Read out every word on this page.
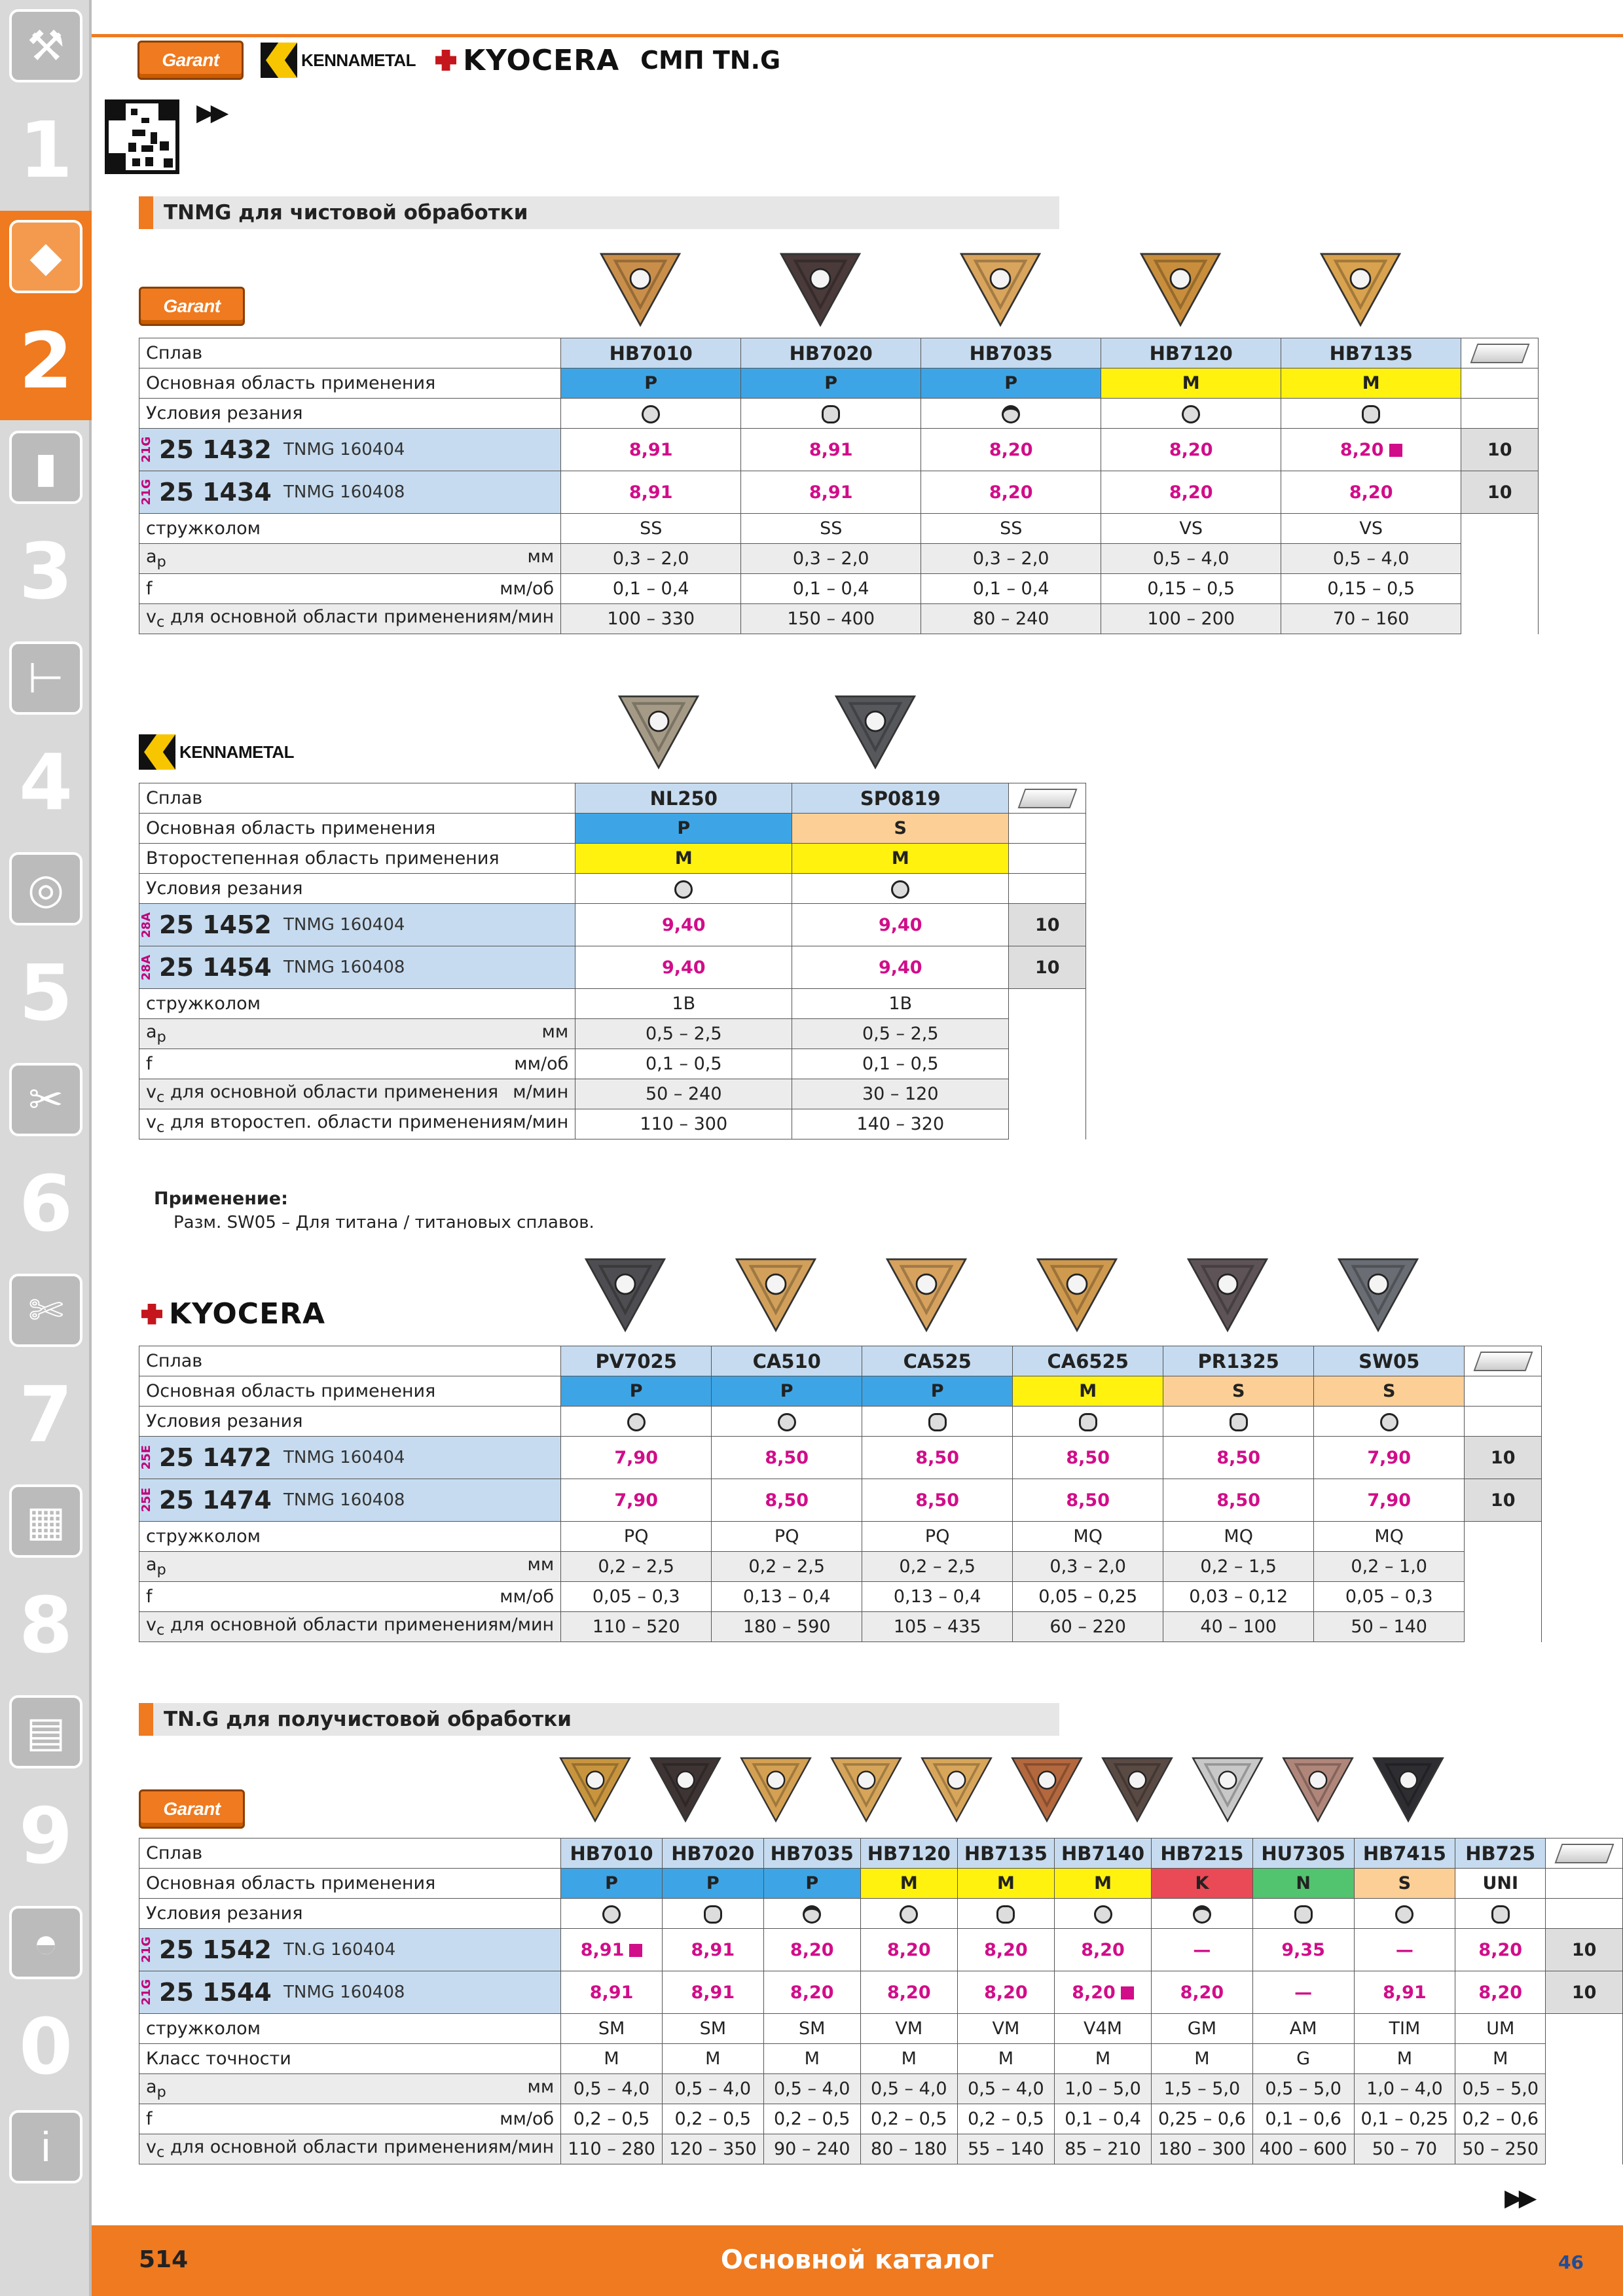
⚒
1
◆
2
▮
3
⊢
4
◎
5
✂
6
✄
7
▦
8
▤
9
◓
0
i
Garant	KENNAMETAL KYOCERA СМП TN.G
▶▶
TNMG для чистовой обработки
TN.G для получистовой обработки
Применение:
Разм. SW05 – Для титана / титановых сплавов.
▶▶
514	Основной каталог	46
Garant
Сплав	HB7010	HB7020	HB7035	HB7120	HB7135	
Основная область применения	P	P	P	M	M	
Условия резания						

21G 25 1432 TNMG 160404	8,91	8,91	8,20	8,20	8,20	10

21G 25 1434 TNMG 160408	8,91	8,91	8,20	8,20	8,20	10
стружколом	SS	SS	SS	VS	VS	

$a_p$ мм	0,3 – 2,0	0,3 – 2,0	0,3 – 2,0	0,5 – 4,0	0,5 – 4,0	

f мм/об	0,1 – 0,4	0,1 – 0,4	0,1 – 0,4	0,15 – 0,5	0,15 – 0,5	

$v_c$ для основной области применения м/мин	100 – 330	150 – 400	80 – 240	100 – 200	70 – 160	
KENNAMETAL
Сплав	NL250	SP0819	
Основная область применения	P	S	
Второстепенная область применения	M	M	
Условия резания			

28A 25 1452 TNMG 160404	9,40	9,40	10

28A 25 1454 TNMG 160408	9,40	9,40	10
стружколом	1B	1B	

$a_p$ мм	0,5 – 2,5	0,5 – 2,5	

f мм/об	0,1 – 0,5	0,1 – 0,5	

$v_c$ для основной области применения м/мин	50 – 240	30 – 120	

$v_c$ для второстеп. области применения м/мин	110 – 300	140 – 320	
KYOCERA
Сплав	PV7025	CA510	CA525	CA6525	PR1325	SW05	
Основная область применения	P	P	P	M	S	S	
Условия резания							

25E 25 1472 TNMG 160404	7,90	8,50	8,50	8,50	8,50	7,90	10

25E 25 1474 TNMG 160408	7,90	8,50	8,50	8,50	8,50	7,90	10
стружколом	PQ	PQ	PQ	MQ	MQ	MQ	

$a_p$ мм	0,2 – 2,5	0,2 – 2,5	0,2 – 2,5	0,3 – 2,0	0,2 – 1,5	0,2 – 1,0	

f мм/об	0,05 – 0,3	0,13 – 0,4	0,13 – 0,4	0,05 – 0,25	0,03 – 0,12	0,05 – 0,3	

$v_c$ для основной области применения м/мин	110 – 520	180 – 590	105 – 435	60 – 220	40 – 100	50 – 140	
Garant
Сплав	HB7010	HB7020	HB7035	HB7120	HB7135	HB7140	HB7215	HU7305	HB7415	HB725	
Основная область применения	P	P	P	M	M	M	K	N	S	UNI	
Условия резания											

21G 25 1542 TN.G 160404	8,91	8,91	8,20	8,20	8,20	8,20	—	9,35	—	8,20	10

21G 25 1544 TNMG 160408	8,91	8,91	8,20	8,20	8,20	8,20	8,20	—	8,91	8,20	10
стружколом	SM	SM	SM	VM	VM	V4M	GM	AM	TIM	UM	
Класс точности	M	M	M	M	M	M	M	G	M	M	

$a_p$ мм	0,5 – 4,0	0,5 – 4,0	0,5 – 4,0	0,5 – 4,0	0,5 – 4,0	1,0 – 5,0	1,5 – 5,0	0,5 – 5,0	1,0 – 4,0	0,5 – 5,0	

f мм/об	0,2 – 0,5	0,2 – 0,5	0,2 – 0,5	0,2 – 0,5	0,2 – 0,5	0,1 – 0,4	0,25 – 0,6	0,1 – 0,6	0,1 – 0,25	0,2 – 0,6	

$v_c$ для основной области применения м/мин	110 – 280	120 – 350	90 – 240	80 – 180	55 – 140	85 – 210	180 – 300	400 – 600	50 – 70	50 – 250	
